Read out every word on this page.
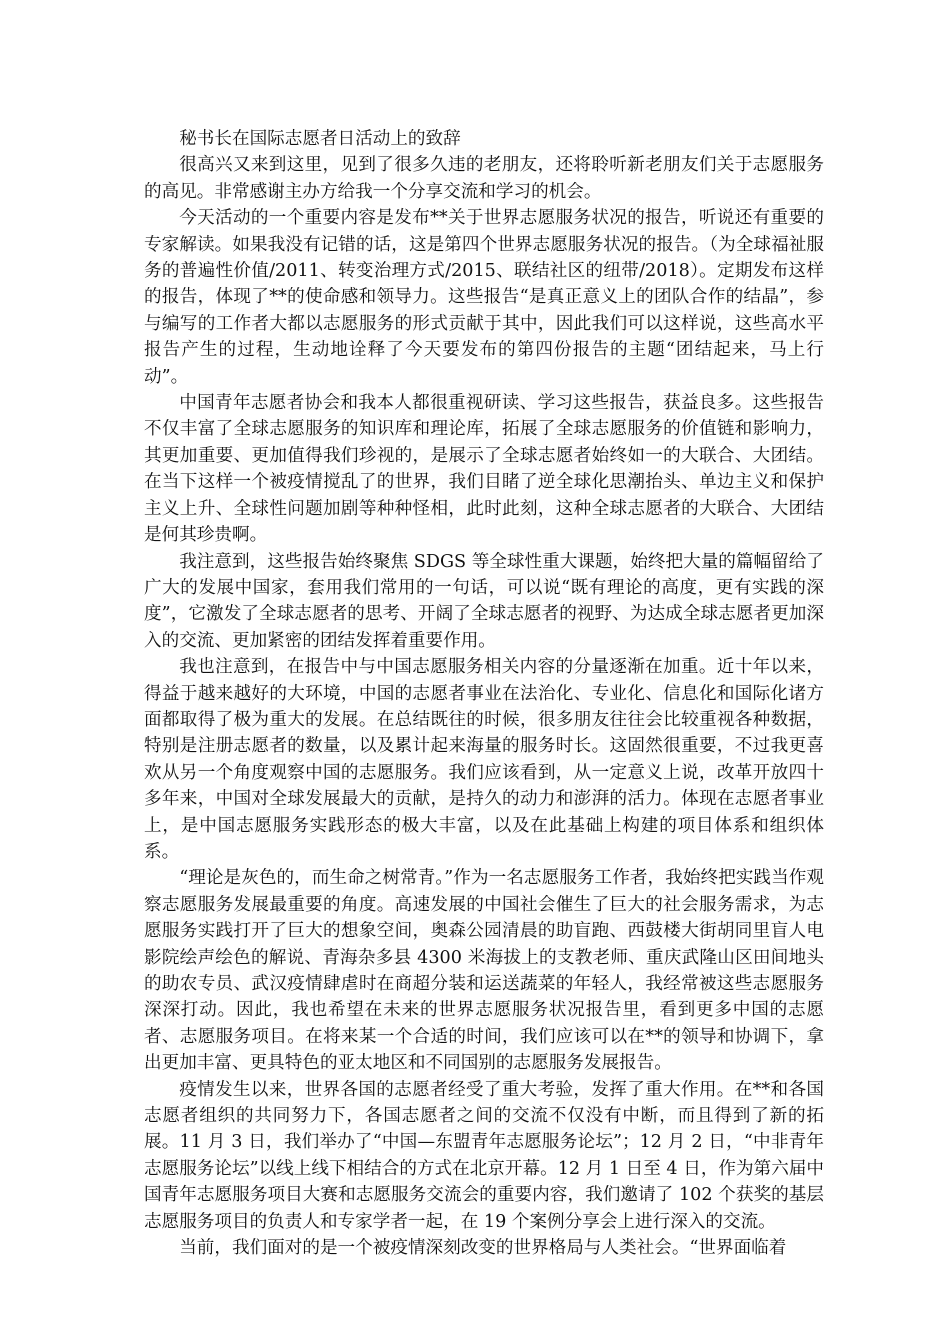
秘书长在国际志愿者日活动上的致辞

很高兴又来到这里，见到了很多久违的老朋友，还将聆听新老朋友们关于志愿服务的高见。非常感谢主办方给我一个分享交流和学习的机会。

今天活动的一个重要内容是发布**关于世界志愿服务状况的报告，听说还有重要的专家解读。如果我没有记错的话，这是第四个世界志愿服务状况的报告。（为全球福祉服务的普遍性价值/2011、转变治理方式/2015、联结社区的纽带/2018）。定期发布这样的报告，体现了**的使命感和领导力。这些报告“是真正意义上的团队合作的结晶”，参与编写的工作者大都以志愿服务的形式贡献于其中，因此我们可以这样说，这些高水平报告产生的过程，生动地诠释了今天要发布的第四份报告的主题“团结起来，马上行动”。

中国青年志愿者协会和我本人都很重视研读、学习这些报告，获益良多。这些报告不仅丰富了全球志愿服务的知识库和理论库，拓展了全球志愿服务的价值链和影响力，其更加重要、更加值得我们珍视的，是展示了全球志愿者始终如一的大联合、大团结。在当下这样一个被疫情搅乱了的世界，我们目睹了逆全球化思潮抬头、单边主义和保护主义上升、全球性问题加剧等种种怪相，此时此刻，这种全球志愿者的大联合、大团结是何其珍贵啊。

我注意到，这些报告始终聚焦 SDGS 等全球性重大课题，始终把大量的篇幅留给了广大的发展中国家，套用我们常用的一句话，可以说“既有理论的高度，更有实践的深度”，它激发了全球志愿者的思考、开阔了全球志愿者的视野、为达成全球志愿者更加深入的交流、更加紧密的团结发挥着重要作用。

我也注意到，在报告中与中国志愿服务相关内容的分量逐渐在加重。近十年以来，得益于越来越好的大环境，中国的志愿者事业在法治化、专业化、信息化和国际化诸方面都取得了极为重大的发展。在总结既往的时候，很多朋友往往会比较重视各种数据，特别是注册志愿者的数量，以及累计起来海量的服务时长。这固然很重要，不过我更喜欢从另一个角度观察中国的志愿服务。我们应该看到，从一定意义上说，改革开放四十多年来，中国对全球发展最大的贡献，是持久的动力和澎湃的活力。体现在志愿者事业上，是中国志愿服务实践形态的极大丰富，以及在此基础上构建的项目体系和组织体系。

“理论是灰色的，而生命之树常青。”作为一名志愿服务工作者，我始终把实践当作观察志愿服务发展最重要的角度。高速发展的中国社会催生了巨大的社会服务需求，为志愿服务实践打开了巨大的想象空间，奥森公园清晨的助盲跑、西鼓楼大街胡同里盲人电影院绘声绘色的解说、青海杂多县 4300 米海拔上的支教老师、重庆武隆山区田间地头的助农专员、武汉疫情肆虐时在商超分装和运送蔬菜的年轻人，我经常被这些志愿服务深深打动。因此，我也希望在未来的世界志愿服务状况报告里，看到更多中国的志愿者、志愿服务项目。在将来某一个合适的时间，我们应该可以在**的领导和协调下，拿出更加丰富、更具特色的亚太地区和不同国别的志愿服务发展报告。

疫情发生以来，世界各国的志愿者经受了重大考验，发挥了重大作用。在**和各国志愿者组织的共同努力下，各国志愿者之间的交流不仅没有中断，而且得到了新的拓展。11 月 3 日，我们举办了“中国—东盟青年志愿服务论坛”；12 月 2 日，“中非青年志愿服务论坛”以线上线下相结合的方式在北京开幕。12 月 1 日至 4 日，作为第六届中国青年志愿服务项目大赛和志愿服务交流会的重要内容，我们邀请了 102 个获奖的基层志愿服务项目的负责人和专家学者一起，在 19 个案例分享会上进行深入的交流。

当前，我们面对的是一个被疫情深刻改变的世界格局与人类社会。“世界面临着
